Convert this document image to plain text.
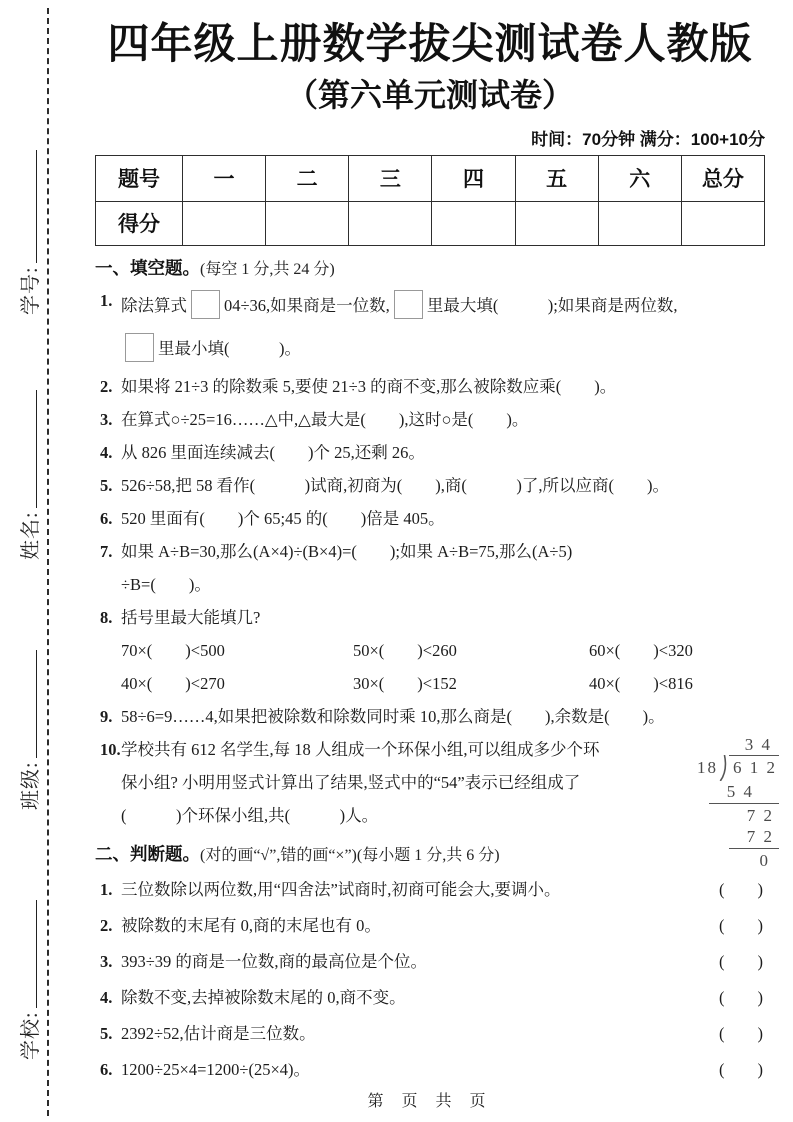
学号:
姓名:
班级:
学校:
四年级上册数学拔尖测试卷人教版
（第六单元测试卷）
时间：70分钟 满分：100+10分
题号	一	二	三	四	五	六	总分
得分							
一、填空题。(每空 1 分,共 24 分)
1. 除法算式 04÷36,如果商是一位数, 里最大填(　　　);如果商是两位数,
里最小填(　　　)。
2. 如果将 21÷3 的除数乘 5,要使 21÷3 的商不变,那么被除数应乘(　　)。
3. 在算式○÷25=16……△中,△最大是(　　),这时○是(　　)。
4. 从 826 里面连续减去(　　)个 25,还剩 26。
5. 526÷58,把 58 看作(　　　)试商,初商为(　　),商(　　　)了,所以应商(　　)。
6. 520 里面有(　　)个 65;45 的(　　)倍是 405。
7. 如果 A÷B=30,那么(A×4)÷(B×4)=(　　);如果 A÷B=75,那么(A÷5)
÷B=(　　)。
8. 括号里最大能填几?
70×(　　)<500	50×(　　)<260	60×(　　)<320
40×(　　)<270	30×(　　)<152	40×(　　)<816
9. 58÷6=9……4,如果把被除数和除数同时乘 10,那么商是(　　),余数是(　　)。
10. 学校共有 612 名学生,每 18 人组成一个环保小组,可以组成多少个环
保小组? 小明用竖式计算出了结果,竖式中的“54”表示已经组成了
(　　　)个环保小组,共(　　　)人。
二、判断题。(对的画“√”,错的画“×”)(每小题 1 分,共 6 分)
1. 三位数除以两位数,用“四舍法”试商时,初商可能会大,要调小。	(　　)
2. 被除数的末尾有 0,商的末尾也有 0。	(　　)
3. 393÷39 的商是一位数,商的最高位是个位。	(　　)
4. 除数不变,去掉被除数末尾的 0,商不变。	(　　)
5. 2392÷52,估计商是三位数。	(　　)
6. 1200÷25×4=1200÷(25×4)。	(　　)
3 4
18 6 1 2
5 4
7 2
7 2
0
第 页 共 页
